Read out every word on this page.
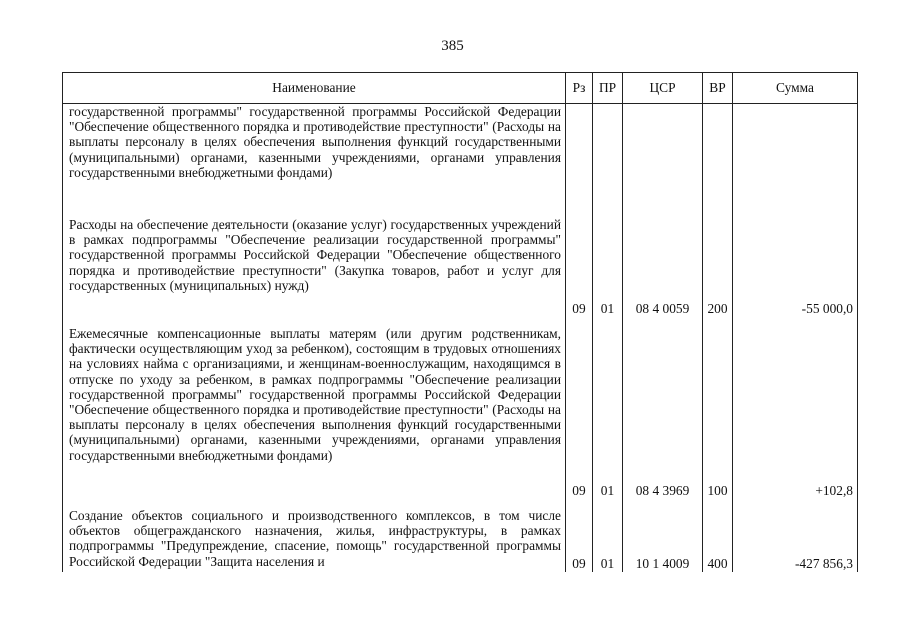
385
Наименование	Рз	ПР	ЦСР	ВР	Сумма
государственной программы" государственной программы Российской Федерации "Обеспечение общественного порядка и противодействие преступности" (Расходы на выплаты персоналу в целях обеспечения выполнения функций государственными (муниципальными) органами, казенными учреждениями, органами управления государственными внебюджетными фондами)					
Расходы на обеспечение деятельности (оказание услуг) государственных учреждений в рамках подпрограммы "Обеспечение реализации государственной программы" государственной программы Российской Федерации "Обеспечение общественного порядка и противодействие преступности" (Закупка товаров, работ и услуг для государственных (муниципальных) нужд)	09	01	08 4 0059	200	-55 000,0
Ежемесячные компенсационные выплаты матерям (или другим родственникам, фактически осуществляющим уход за ребенком), состоящим в трудовых отношениях на условиях найма с организациями, и женщинам-военнослужащим, находящимся в отпуске по уходу за ребенком, в рамках подпрограммы "Обеспечение реализации государственной программы" государственной программы Российской Федерации "Обеспечение общественного порядка и противодействие преступности" (Расходы на выплаты персоналу в целях обеспечения выполнения функций государственными (муниципальными) органами, казенными учреждениями, органами управления государственными внебюджетными фондами)	09	01	08 4 3969	100	+102,8
Создание объектов социального и производственного комплексов, в том числе объектов общегражданского назначения, жилья, инфраструктуры, в рамках подпрограммы "Предупреждение, спасение, помощь" государственной программы Российской Федерации "Защита населения и	09	01	10 1 4009	400	-427 856,3
